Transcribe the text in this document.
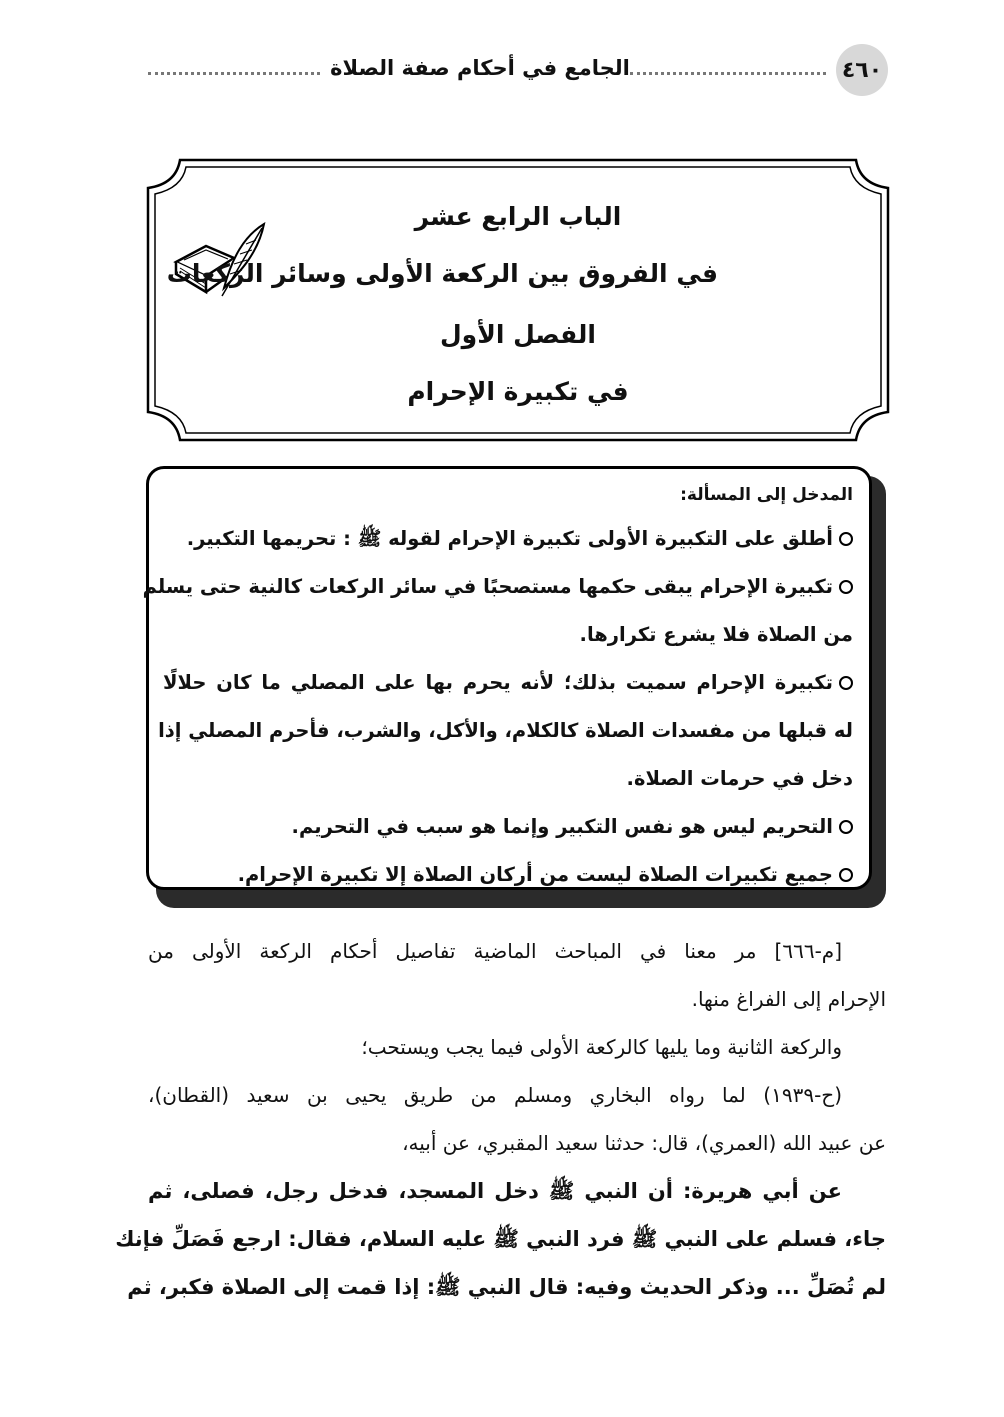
الجامع في أحكام صفة الصلاة	٤٦٠
الباب الرابع عشر
في الفروق بين الركعة الأولى وسائر الركعات
الفصل الأول
في تكبيرة الإحرام
المدخل إلى المسألة:
أطلق على التكبيرة الأولى تكبيرة الإحرام لقوله ﷺ : تحريمها التكبير.
تكبيرة الإحرام يبقى حكمها مستصحبًا في سائر الركعات كالنية حتى يسلم
من الصلاة فلا يشرع تكرارها.
تكبيرة الإحرام سميت بذلك؛ لأنه يحرم بها على المصلي ما كان حلالًا
له قبلها من مفسدات الصلاة كالكلام، والأكل، والشرب، فأحرم المصلي إذا
دخل في حرمات الصلاة.
التحريم ليس هو نفس التكبير وإنما هو سبب في التحريم.
جميع تكبيرات الصلاة ليست من أركان الصلاة إلا تكبيرة الإحرام.
[م-٦٦٦] مر معنا في المباحث الماضية تفاصيل أحكام الركعة الأولى من
الإحرام إلى الفراغ منها.
والركعة الثانية وما يليها كالركعة الأولى فيما يجب ويستحب؛
(ح-١٩٣٩) لما رواه البخاري ومسلم من طريق يحيى بن سعيد (القطان)،
عن عبيد الله (العمري)، قال: حدثنا سعيد المقبري، عن أبيه،
عن أبي هريرة: أن النبي ﷺ دخل المسجد، فدخل رجل، فصلى، ثم
جاء، فسلم على النبي ﷺ فرد النبي ﷺ عليه السلام، فقال: ارجع فَصَلِّ فإنك
لم تُصَلِّ ... وذكر الحديث وفيه: قال النبي ﷺ: إذا قمت إلى الصلاة فكبر، ثم
